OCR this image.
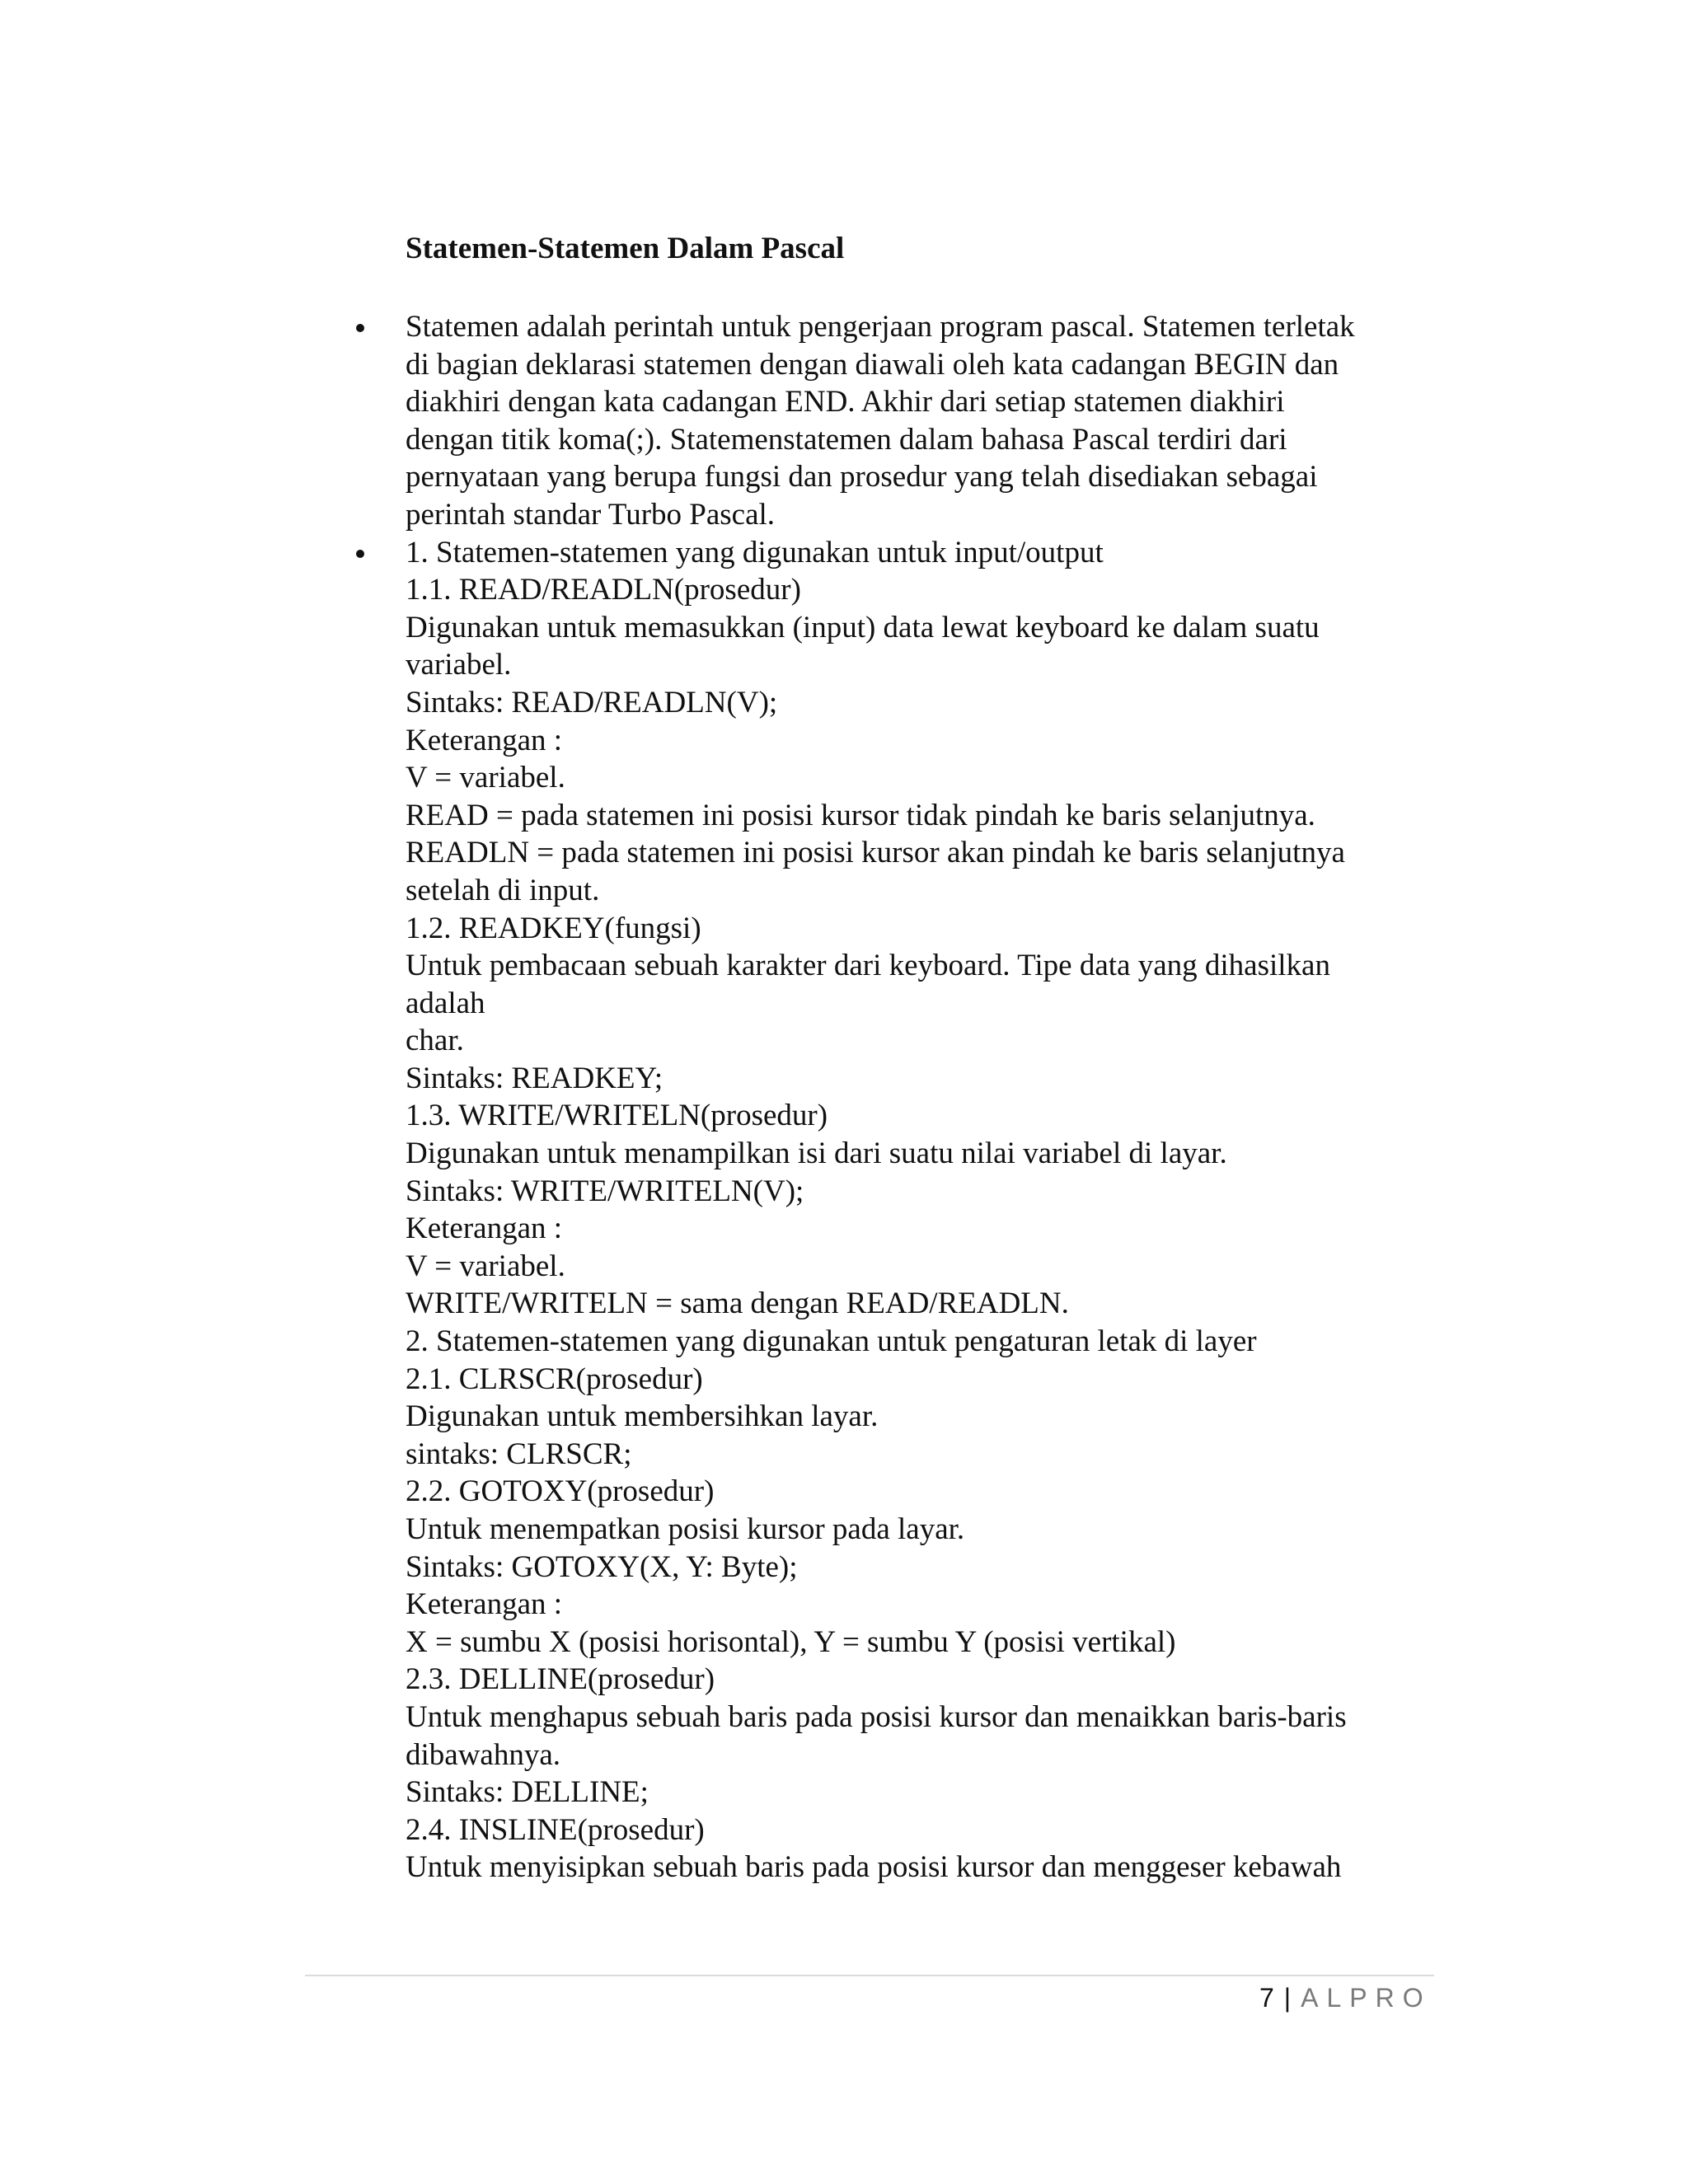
Statemen-Statemen Dalam Pascal
Statemen adalah perintah untuk pengerjaan program pascal. Statemen terletak
di bagian deklarasi statemen dengan diawali oleh kata cadangan BEGIN dan
diakhiri dengan kata cadangan END. Akhir dari setiap statemen diakhiri
dengan titik koma(;). Statemenstatemen dalam bahasa Pascal terdiri dari
pernyataan yang berupa fungsi dan prosedur yang telah disediakan sebagai
perintah standar Turbo Pascal.
1. Statemen-statemen yang digunakan untuk input/output
1.1. READ/READLN(prosedur)
Digunakan untuk memasukkan (input) data lewat keyboard ke dalam suatu
variabel.
Sintaks: READ/READLN(V);
Keterangan :
V = variabel.
READ = pada statemen ini posisi kursor tidak pindah ke baris selanjutnya.
READLN = pada statemen ini posisi kursor akan pindah ke baris selanjutnya
setelah di input.
1.2. READKEY(fungsi)
Untuk pembacaan sebuah karakter dari keyboard. Tipe data yang dihasilkan
adalah
char.
Sintaks: READKEY;
1.3. WRITE/WRITELN(prosedur)
Digunakan untuk menampilkan isi dari suatu nilai variabel di layar.
Sintaks: WRITE/WRITELN(V);
Keterangan :
V = variabel.
WRITE/WRITELN = sama dengan READ/READLN.
2. Statemen-statemen yang digunakan untuk pengaturan letak di layer
2.1. CLRSCR(prosedur)
Digunakan untuk membersihkan layar.
sintaks: CLRSCR;
2.2. GOTOXY(prosedur)
Untuk menempatkan posisi kursor pada layar.
Sintaks: GOTOXY(X, Y: Byte);
Keterangan :
X = sumbu X (posisi horisontal), Y = sumbu Y (posisi vertikal)
2.3. DELLINE(prosedur)
Untuk menghapus sebuah baris pada posisi kursor dan menaikkan baris-baris
dibawahnya.
Sintaks: DELLINE;
2.4. INSLINE(prosedur)
Untuk menyisipkan sebuah baris pada posisi kursor dan menggeser kebawah
7 | ALPRO
